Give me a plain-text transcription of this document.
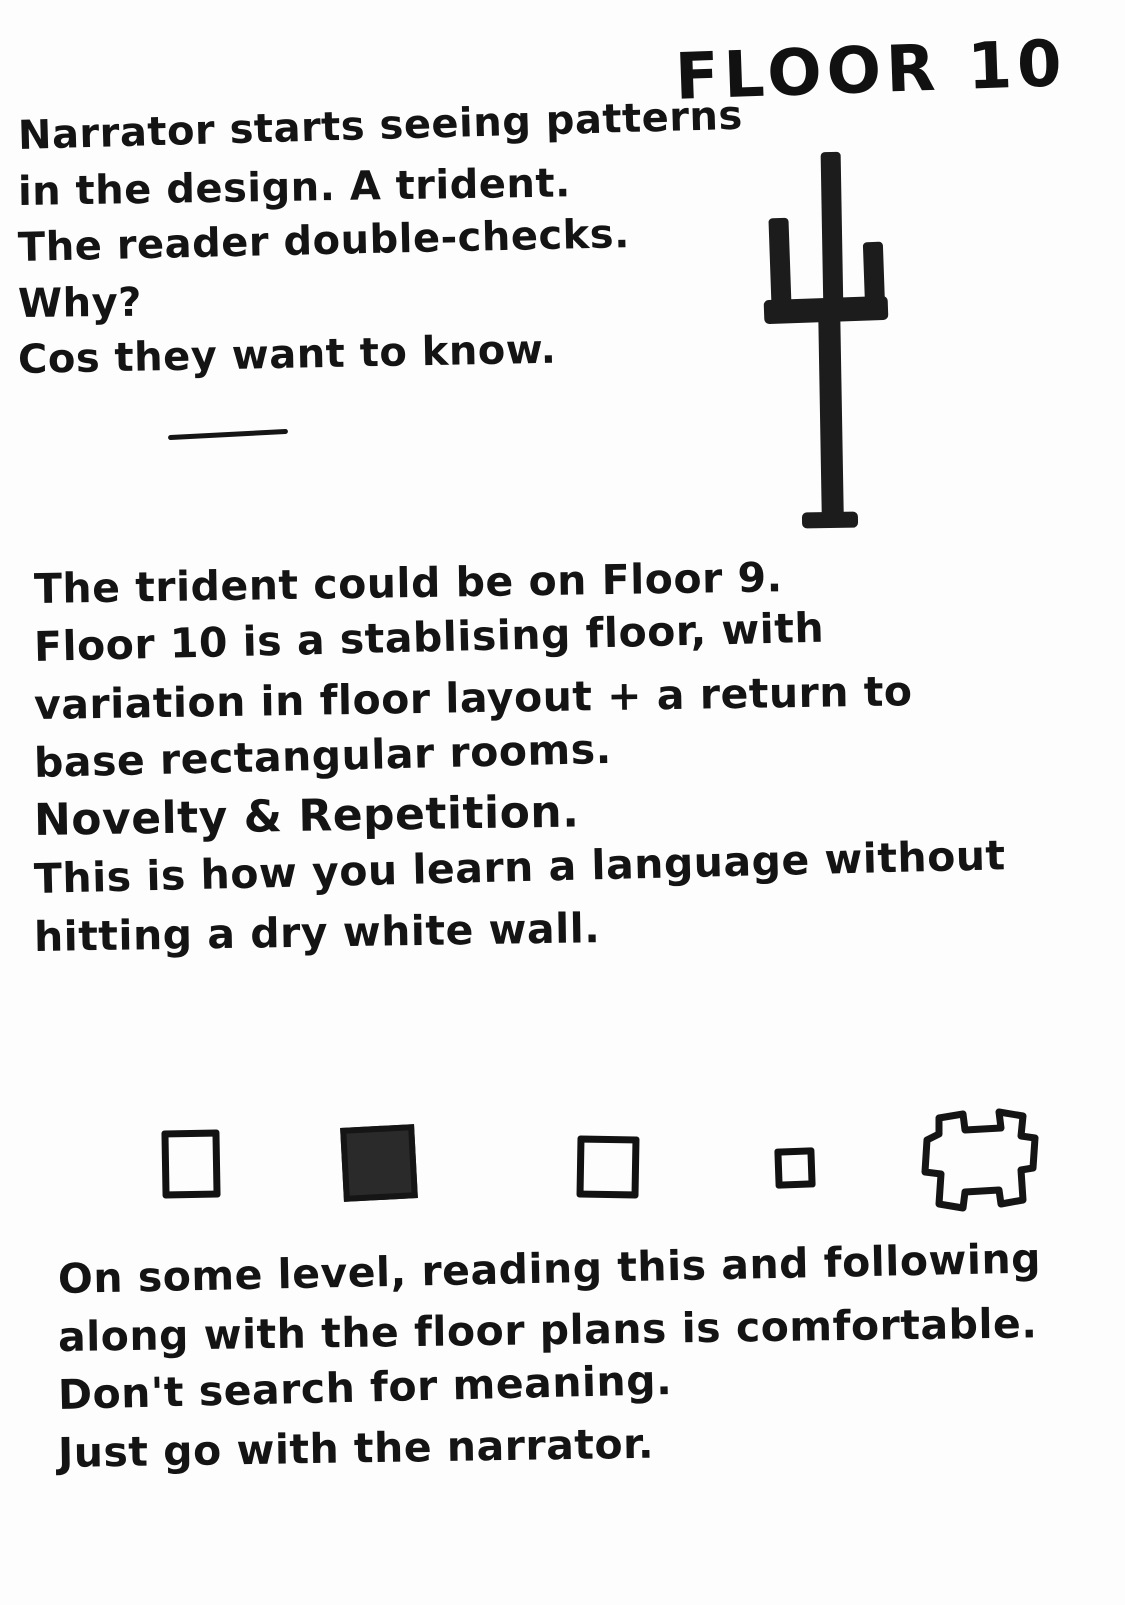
FLOOR 10
Narrator starts seeing patterns
in the design. A trident.
The reader double-checks.
Why?
Cos they want to know.
The trident could be on Floor 9.
Floor 10 is a stablising floor, with
variation in floor layout + a return to
base rectangular rooms.
Novelty & Repetition.
This is how you learn a language without
hitting a dry white wall.
On some level, reading this and following
along with the floor plans is comfortable.
Don't search for meaning.
Just go with the narrator.
